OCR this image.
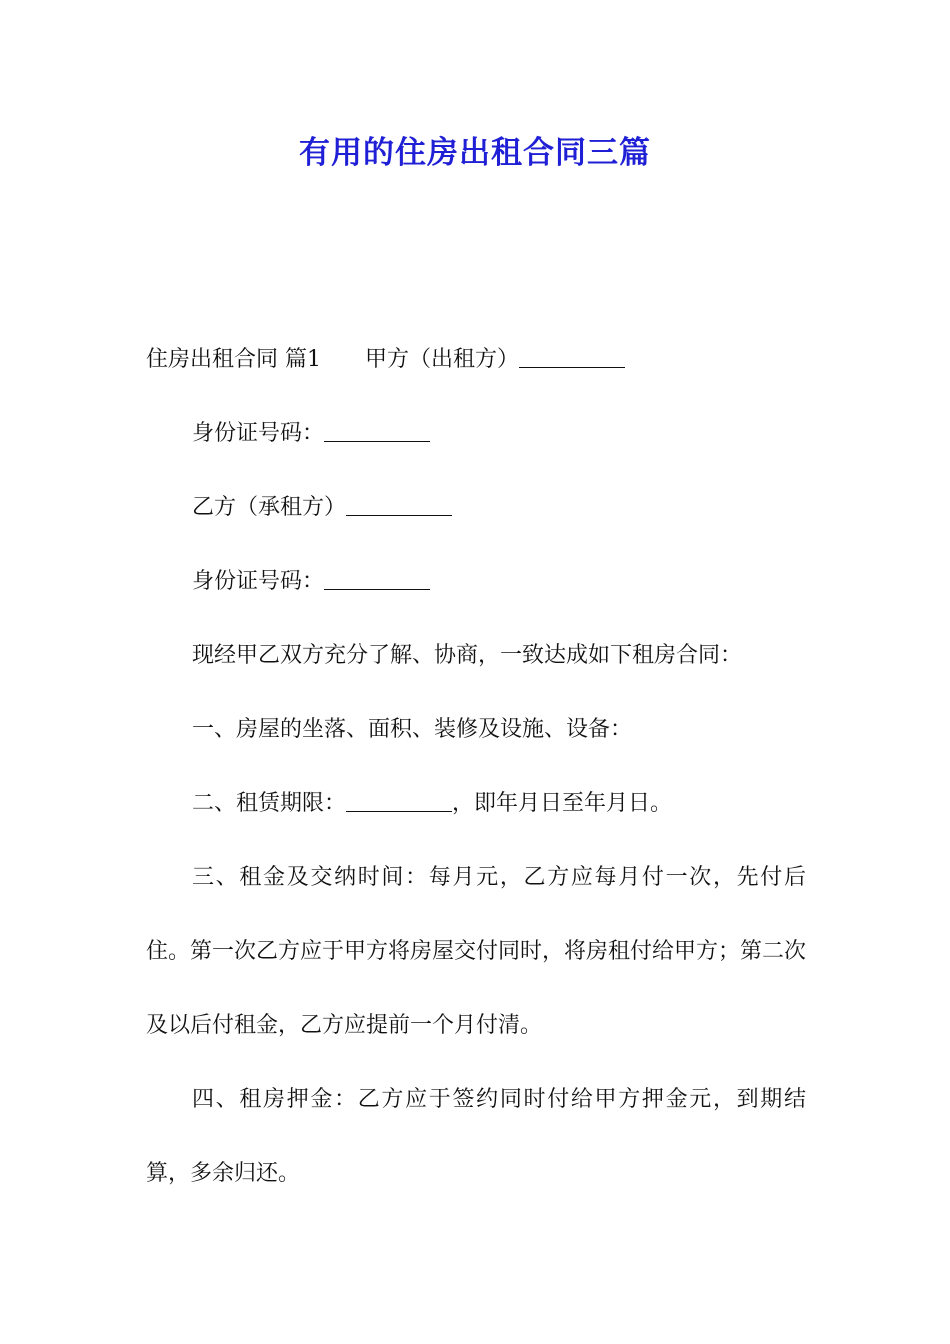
有用的住房出租合同三篇

住房出租合同 篇1 甲方（出租方）

身份证号码：

乙方（承租方）

身份证号码：

现经甲乙双方充分了解、协商，一致达成如下租房合同：

一、房屋的坐落、面积、装修及设施、设备：

二、租赁期限：	，即年月日至年月日。

三、租金及交纳时间：每月元，乙方应每月付一次，先付后住。第一次乙方应于甲方将房屋交付同时，将房租付给甲方；第二次及以后付租金，乙方应提前一个月付清。

四、租房押金：乙方应于签约同时付给甲方押金元，到期结算，多余归还。
